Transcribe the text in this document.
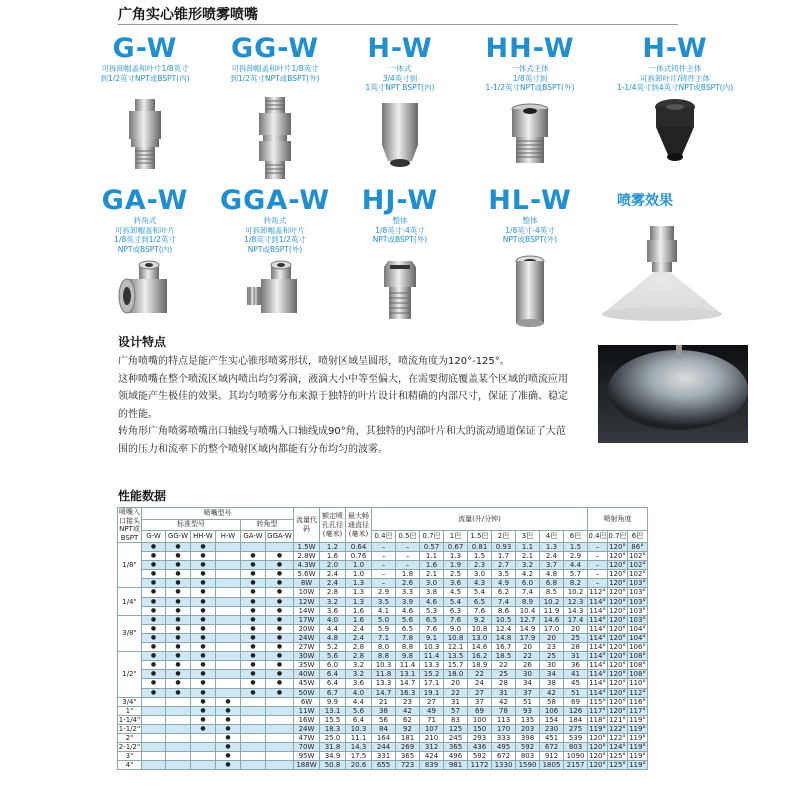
广角实心锥形喷雾喷嘴
G-W
可拆卸帽盖和叶片1/8英寸
到1/2英寸NPT或BSPT(内)
GG-W
可拆卸帽盖和叶片1/8英寸
到1/2英寸NPT或BSPT(外)
H-W
一体式
3/4英寸到
1英寸NPT BSPT(内)
HH-W
一体式主体
1/8英寸到
1-1/2英寸NPT或BSPT(外)
H-W
一体式铸件主体
可拆卸叶片/铸件主体
1-1/4英寸到4英寸NPT或BSPT(内)
GA-W
转角式
可拆卸帽盖和叶片
1/8英寸到1/2英寸
NPT或BSPT(内)
GGA-W
转角式
可拆卸帽盖和叶片
1/8英寸到1/2英寸
NPT或BSPT(外)
HJ-W
整体
1/8英寸-4英寸
NPT或BSPT(外)
HL-W
整体
1/8英寸-4英寸
NPT或BSPT(外)
喷雾效果
设计特点
广角喷嘴的特点是能产生实心锥形喷雾形状，喷射区域呈圆形，喷流角度为120°-125°。
这种喷嘴在整个喷流区域内喷出均匀雾滴，液滴大小中等至偏大，在需要彻底覆盖某个区域的喷流应用
领域能产生极佳的效果。其均匀喷雾分布来源于独特的叶片设计和精确的内部尺寸，保证了准确、稳定
的性能。
转角形广角喷雾喷嘴出口轴线与喷嘴入口轴线成90°角，其独特的内部叶片和大的流动通道保证了大范
围的压力和流率下的整个喷射区域内都能有分布均匀的波雾。
性能数据
喷嘴入口接头NPT或BSPT	喷嘴型号						流量代码	额定喷孔孔径(毫米)	最大畅通直径(毫米)	流量(升/分钟)									喷射角度		
	标准型号				转角型																
	G-W	GG-W	HH-W	H-W	GA-W	GGA-W				0.4巴	0.5巴	0.7巴	1巴	1.5巴	2巴	3巴	4巴	6巴	0.4巴	0.7巴	6巴
1/8"	●	●	●				1.5W	1.2	0.64	–	–	0.57	0.67	0.81	0.93	1.1	1.3	1.5	–	120°	86°
	●	●	●		●	●	2.8W	1.6	0.76	–	–	1.1	1.3	1.5	1.7	2.1	2.4	2.9	–	120°	102°
	●	●	●		●	●	4.3W	2.0	1.0	–	–	1.6	1.9	2.3	2.7	3.2	3.7	4.4	–	120°	102°
	●	●	●		●	●	5.6W	2.4	1.0	–	1.8	2.1	2.5	3.0	3.5	4.2	4.8	5.7	–	120°	102°
	●	●	●		●	●	8W	2.4	1.3	–	2.6	3.0	3.6	4.3	4.9	6.0	6.8	8.2	–	120°	103°
1/4"	●	●	●		●	●	10W	2.8	1.3	2.9	3.3	3.8	4.5	5.4	6.2	7.4	8.5	10.2	112°	120°	103°
	●	●	●		●	●	12W	3.2	1.3	3.5	3.9	4.6	5.4	6.5	7.4	8.9	10.2	12.3	114°	120°	103°
	●	●	●		●	●	14W	3.6	1.6	4.1	4.6	5.3	6.3	7.6	8.6	10.4	11.9	14.3	114°	120°	103°
3/8"	●	●	●		●	●	17W	4.0	1.6	5.0	5.6	6.5	7.6	9.2	10.5	12.7	14.6	17.4	114°	120°	103°
	●	●	●		●	●	20W	4.4	2.4	5.9	6.5	7.6	9.0	10.8	12.4	14.9	17.0	20	114°	120°	104°
	●	●	●		●	●	24W	4.8	2.4	7.1	7.8	9.1	10.8	13.0	14.8	17.9	20	25	114°	120°	104°
	●	●	●		●	●	27W	5.2	2.8	8.0	8.8	10.3	12.1	14.6	16.7	20	23	28	114°	120°	106°
1/2"	●	●	●		●	●	30W	5.6	2.8	8.8	9.8	11.4	13.5	16.2	18.5	22	25	31	114°	120°	108°
	●	●	●		●	●	35W	6.0	3.2	10.3	11.4	13.3	15.7	18.9	22	26	30	36	114°	120°	108°
	●	●	●		●	●	40W	6.4	3.2	11.8	13.1	15.2	18.0	22	25	30	34	41	114°	120°	108°
	●	●	●		●	●	45W	6.4	3.6	13.3	14.7	17.1	20	24	28	34	38	45	114°	120°	110°
	●	●	●		●	●	50W	6.7	4.0	14.7	16.3	19.1	22	27	31	37	42	51	114°	120°	112°
3/4"			●	●			6W	9.9	4.4	21	23	27	31	37	42	51	58	69	115°	120°	116°
1"			●	●			11W	13.1	5.6	38	42	49	57	69	78	93	106	126	117°	120°	117°
1-1/4"			●	●			16W	15.5	6.4	56	62	71	83	100	113	135	154	184	118°	121°	119°
1-1/2"			●	●			24W	18.3	10.3	84	92	107	125	150	170	203	230	275	119°	122°	119°
2"				●			47W	25.0	11.1	164	181	210	245	293	333	398	451	539	120°	122°	119°
2-1/2"				●			70W	31.8	14.3	244	269	312	365	436	495	592	672	803	120°	124°	119°
3"				●			95W	34.9	17.5	331	365	424	496	592	672	803	912	1090	120°	125°	119°
4"				●			188W	50.8	20.6	655	723	839	981	1172	1330	1590	1805	2157	120°	125°	119°
